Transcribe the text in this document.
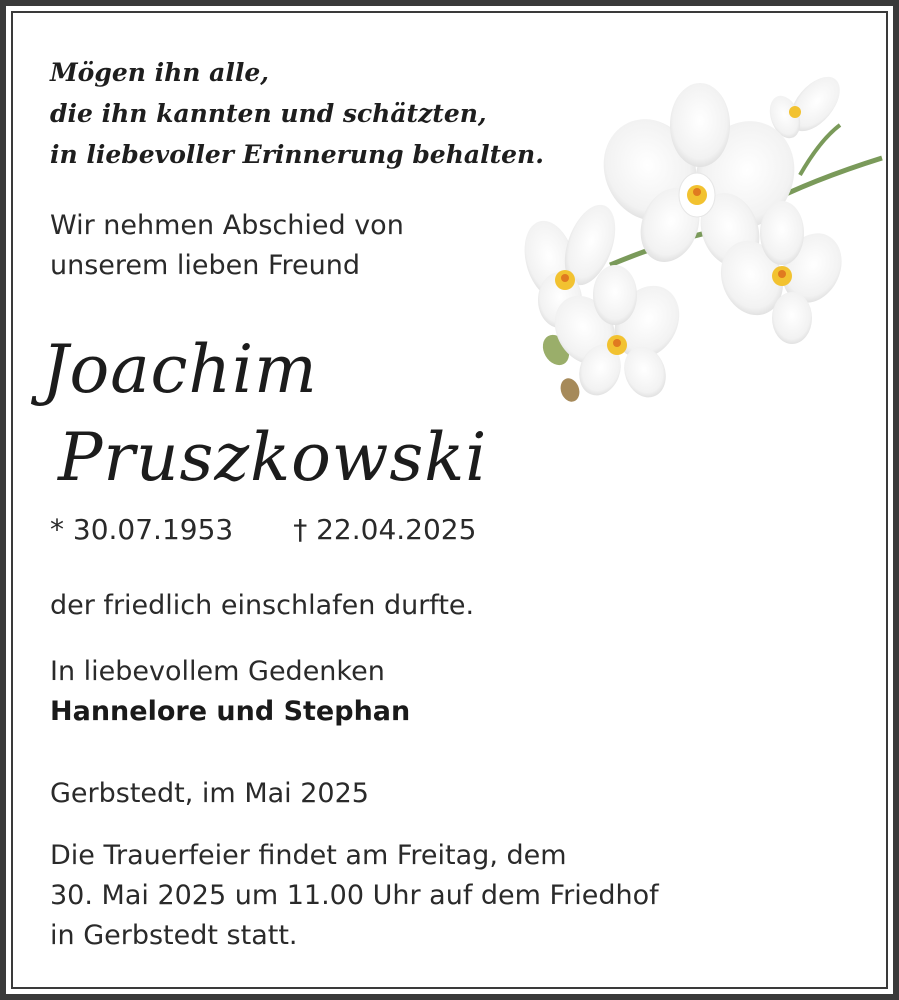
Mögen ihn alle,
die ihn kannten und schätzten,
in liebevoller Erinnerung behalten.
Wir nehmen Abschied von
unserem lieben Freund
Joachim
Pruszkowski
* 30.07.1953 † 22.04.2025
der friedlich einschlafen durfte.
In liebevollem Gedenken
Hannelore und Stephan
Gerbstedt, im Mai 2025
Die Trauerfeier findet am Freitag, dem
30. Mai 2025 um 11.00 Uhr auf dem Friedhof
in Gerbstedt statt.
